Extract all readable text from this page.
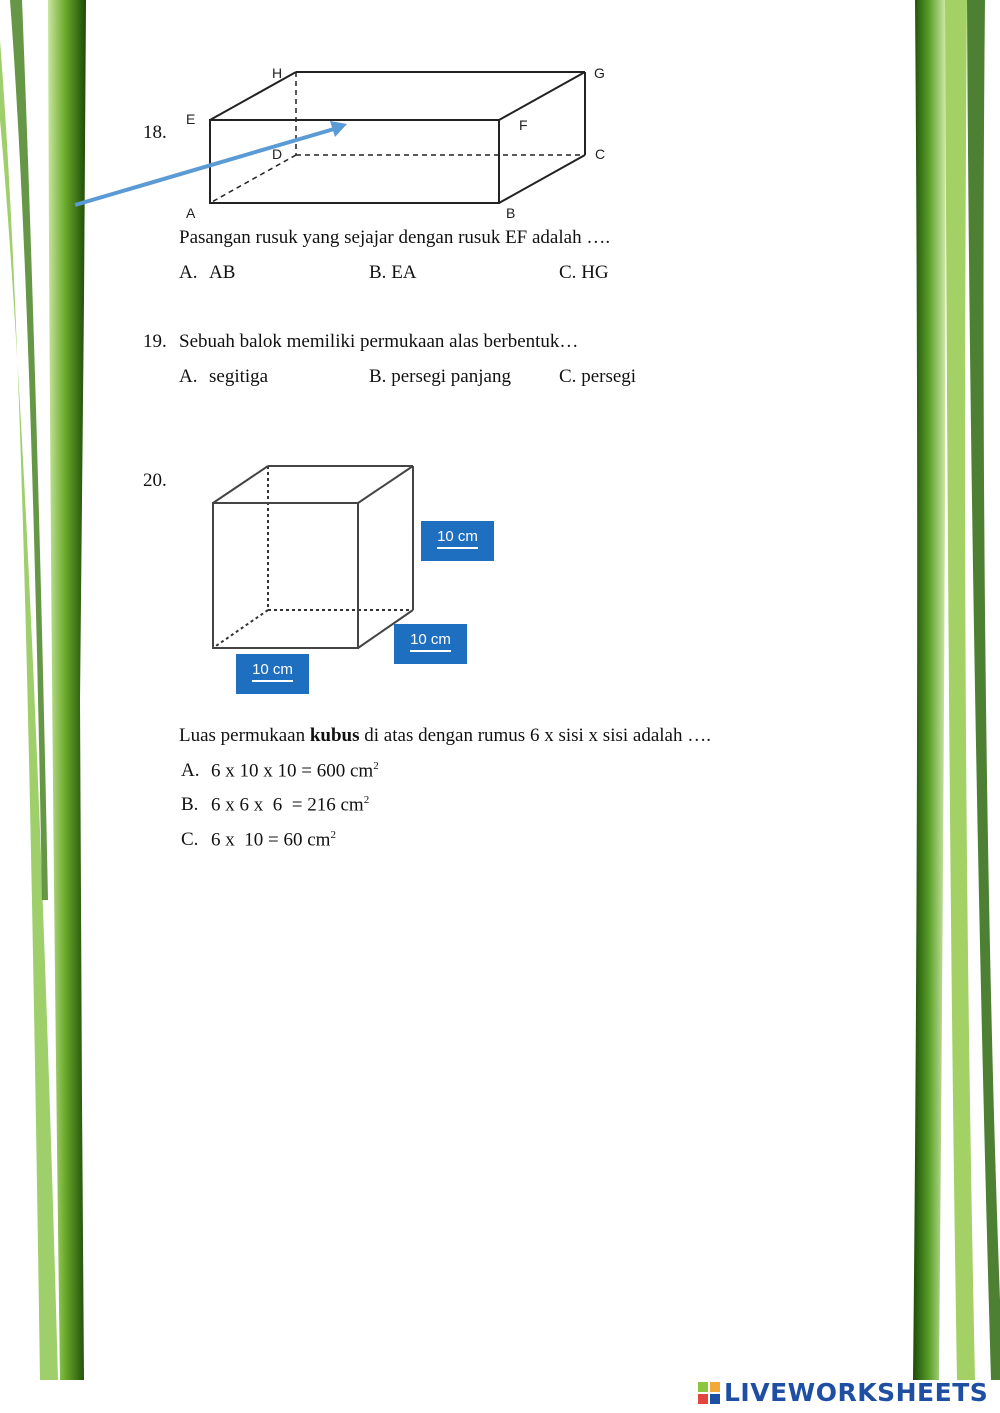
18.
A	B
C
D
E	F
G
H
Pasangan rusuk yang sejajar dengan rusuk EF adalah ….
A. AB	B. EA	C. HG
19. Sebuah balok memiliki permukaan alas berbentuk…
A. segitiga	B. persegi panjang	C. persegi
20.
10 cm
10 cm
10 cm
Luas permukaan kubus di atas dengan rumus 6 x sisi x sisi adalah ….
A. 6 x 10 x 10 = 600 $cm^2$
B. 6 x 6 x  6  = 216 $cm^2$
C. 6 x  10 = 60 $cm^2$
LIVEWORKSHEETS
